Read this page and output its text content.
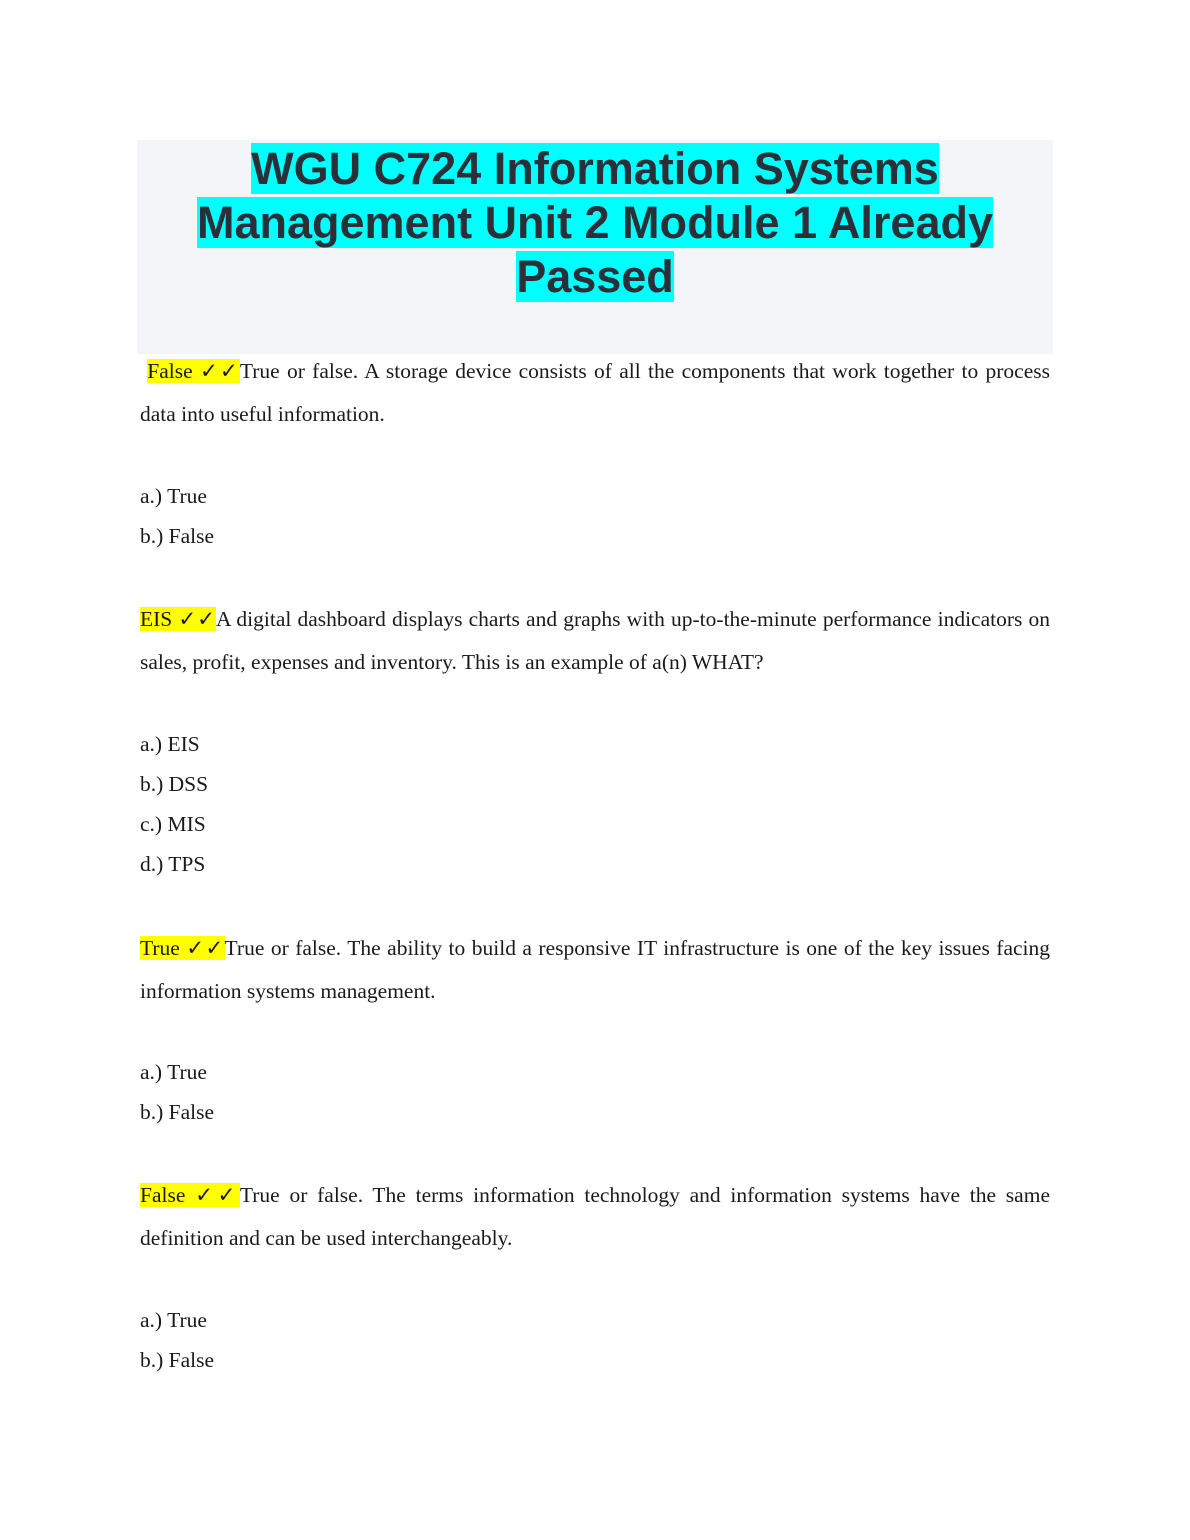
WGU C724 Information Systems
Management Unit 2 Module 1 Already
Passed
False ✓✓True or false. A storage device consists of all the components that work together to process data into useful information.
a.) True
b.) False
EIS ✓✓A digital dashboard displays charts and graphs with up-to-the-minute performance indicators on sales, profit, expenses and inventory. This is an example of a(n) WHAT?
a.) EIS
b.) DSS
c.) MIS
d.) TPS
True ✓✓True or false. The ability to build a responsive IT infrastructure is one of the key issues facing information systems management.
a.) True
b.) False
False ✓✓True or false. The terms information technology and information systems have the same definition and can be used interchangeably.
a.) True
b.) False
